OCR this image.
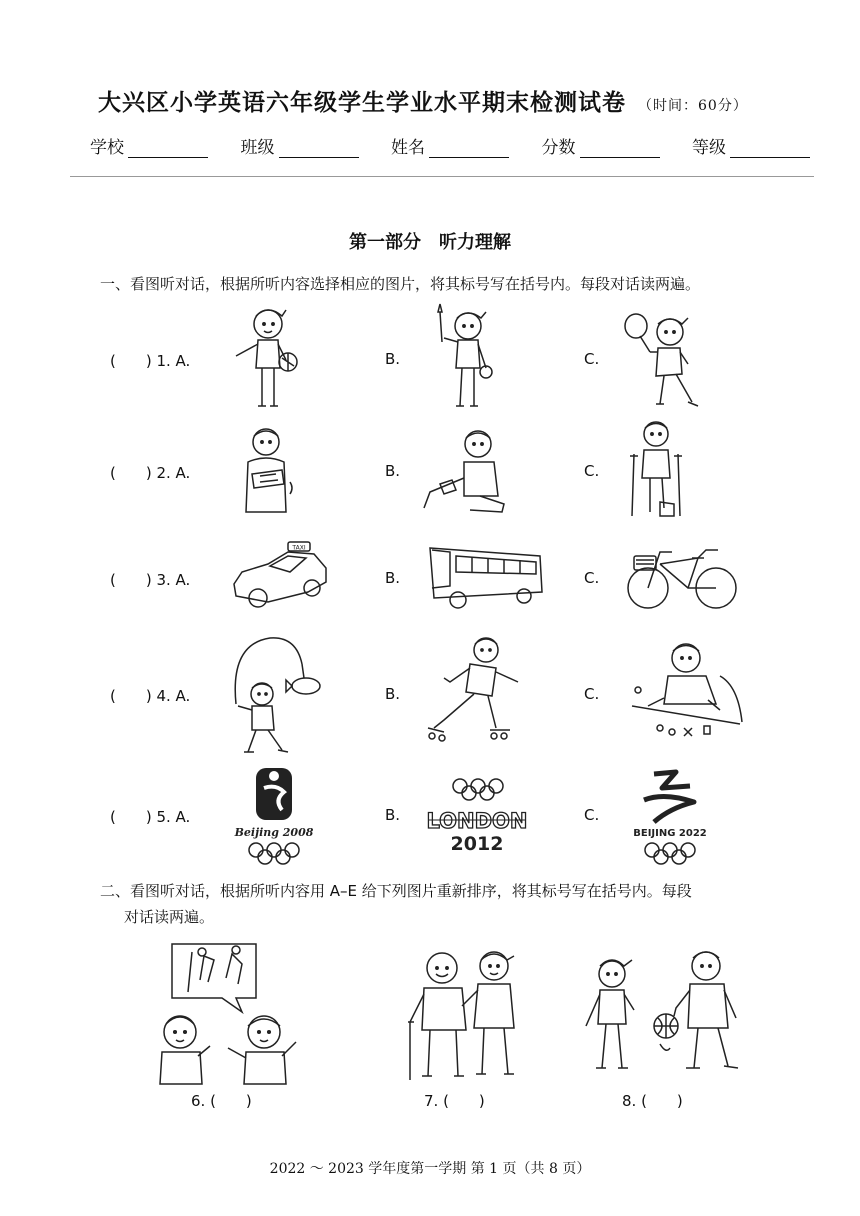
大兴区小学英语六年级学生学业水平期末检测试卷 （时间：60分）
学校	班级	姓名	分数	等级
第一部分　听力理解
一、看图听对话，根据所听内容选择相应的图片，将其标号写在括号内。每段对话读两遍。
(　　) 1. A.	B.	C.
(　　) 2. A.	B.	C.
(　　) 3. A.	B.	C.
(　　) 4. A.	B.	C.
(　　) 5. A.	B.	C.
TAXI
Beijing 2008	LONDON
2012	BEIJING 2022
二、看图听对话，根据所听内容用 A–E 给下列图片重新排序，将其标号写在括号内。每段
对话读两遍。
6. (　　)	7. (　　)	8. (　　)
2022 ～ 2023 学年度第一学期 第 1 页（共 8 页）
